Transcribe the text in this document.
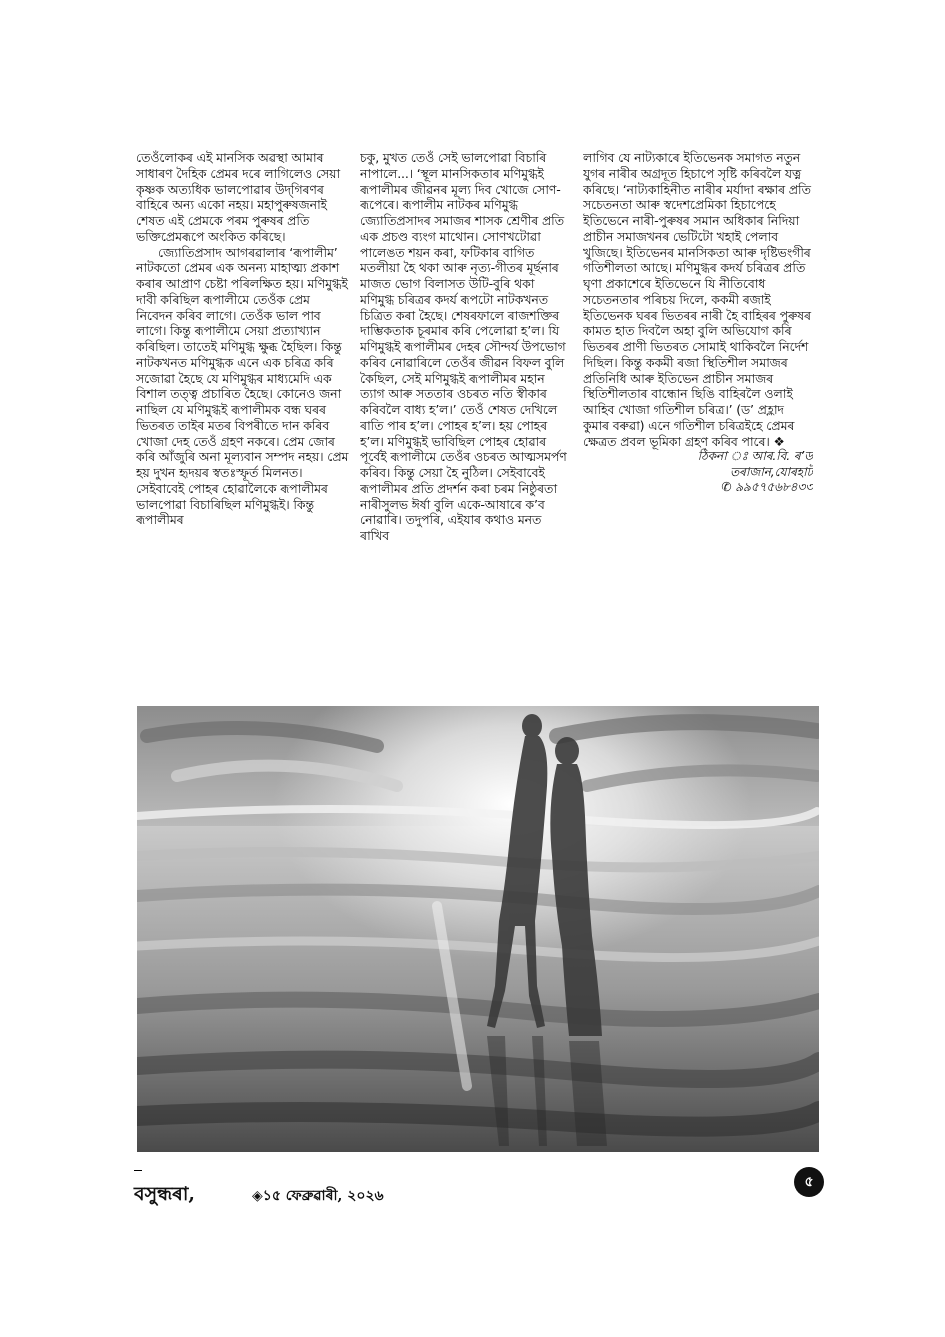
তেওঁলোকৰ এই মানসিক অৱস্থা আমাৰ সাধাৰণ দৈহিক প্ৰেমৰ দৰে লাগিলেও সেয়া কৃষ্ণক অত্যধিক ভালপোৱাৰ উদ্‌গিৰণৰ বাহিৰে অন্য একো নহয়। মহাপুৰুষজনাই শেষত এই প্ৰেমকে পৰম পুৰুষৰ প্ৰতি ভক্তিপ্ৰেমৰূপে অংকিত কৰিছে।

জ্যোতিপ্ৰসাদ আগৰৱালাৰ ‘ৰূপালীম’ নাটকতো প্ৰেমৰ এক অনন্য মাহাত্ম্য প্ৰকাশ কৰাৰ আপ্ৰাণ চেষ্টা পৰিলক্ষিত হয়। মণিমুগ্ধই দাবী কৰিছিল ৰূপালীমে তেওঁক প্ৰেম নিবেদন কৰিব লাগে। তেওঁক ভাল পাব লাগে। কিন্তু ৰূপালীমে সেয়া প্ৰত্যাখ্যান কৰিছিল। তাতেই মণিমুগ্ধ ক্ষুব্ধ হৈছিল। কিন্তু নাটকখনত মণিমুগ্ধক এনে এক চৰিত্ৰ কৰি সজোৱা হৈছে যে মণিমুগ্ধৰ মাধ্যমেদি এক বিশাল তত্ত্ব প্ৰচাৰিত হৈছে। কোনেও জনা নাছিল যে মণিমুগ্ধই ৰূপালীমক বন্ধ ঘৰৰ ভিতৰত তাইৰ মতৰ বিপৰীতে দান কৰিব খোজা দেহ তেওঁ গ্ৰহণ নকৰে। প্ৰেম জোৰ কৰি আঁজুৰি অনা মূল্যবান সম্পদ নহয়। প্ৰেম হয় দুখন হৃদয়ৰ স্বতঃস্ফূৰ্ত মিলনত। সেইবাবেই পোহৰ হোৱালৈকে ৰূপালীমৰ ভালপোৱা বিচাৰিছিল মণিমুগ্ধই। কিন্তু ৰূপালীমৰ

চকু, মুখত তেওঁ সেই ভালপোৱা বিচাৰি নাপালে...। ‘স্থূল মানসিকতাৰ মণিমুগ্ধই ৰূপালীমৰ জীৱনৰ মূল্য দিব খোজে সোণ-ৰূপেৰে। ৰূপালীম নাটকৰ মণিমুগ্ধ জ্যোতিপ্ৰসাদৰ সমাজৰ শাসক শ্ৰেণীৰ প্ৰতি এক প্ৰচণ্ড ব্যংগ মাথোন। সোণখটোৱা পালেঙত শয়ন কৰা, ফটিকাৰ বাগিত মতলীয়া হৈ থকা আৰু নৃত্য-গীতৰ মূৰ্ছনাৰ মাজত ভোগ বিলাসত উটি-বুৰি থকা মণিমুগ্ধ চৰিত্ৰৰ কদৰ্য ৰূপটো নাটকখনত চিত্ৰিত কৰা হৈছে। শেষৰফালে ৰাজশক্তিৰ দাম্ভিকতাক চূৰমাৰ কৰি পেলোৱা হ’ল। যি মণিমুগ্ধই ৰূপালীমৰ দেহৰ সৌন্দৰ্য উপভোগ কৰিব নোৱাৰিলে তেওঁৰ জীৱন বিফল বুলি কৈছিল, সেই মণিমুগ্ধই ৰূপালীমৰ মহান ত্যাগ আৰু সততাৰ ওচৰত নতি স্বীকাৰ কৰিবলৈ বাধ্য হ’ল।’ তেওঁ শেষত দেখিলে ৰাতি পাৰ হ’ল। পোহৰ হ’ল। হয় পোহৰ হ’ল। মণিমুগ্ধই ভাবিছিল পোহৰ হোৱাৰ পূৰ্বেই ৰূপালীমে তেওঁৰ ওচৰত আত্মসমৰ্পণ কৰিব। কিন্তু সেয়া হৈ নুঠিল। সেইবাবেই ৰূপালীমৰ প্ৰতি প্ৰদৰ্শন কৰা চৰম নিষ্ঠুৰতা নাৰীসুলভ ঈৰ্ষা বুলি একে-আষাৰে ক’ব নোৱাৰি। তদুপৰি, এইযাৰ কথাও মনত ৰাখিব

লাগিব যে নাট্যকাৰে ইতিভেনক সমাগত নতুন যুগৰ নাৰীৰ অগ্ৰদূত হিচাপে সৃষ্টি কৰিবলৈ যত্ন কৰিছে। ‘নাট্যকাহিনীত নাৰীৰ মৰ্যাদা ৰক্ষাৰ প্ৰতি সচেতনতা আৰু স্বদেশপ্ৰেমিকা হিচাপেহে ইতিভেনে নাৰী-পুৰুষৰ সমান অধিকাৰ নিদিয়া প্ৰাচীন সমাজখনৰ ভেটিটো খহাই পেলাব খুজিছে। ইতিভেনৰ মানসিকতা আৰু দৃষ্টিভংগীৰ গতিশীলতা আছে। মণিমুগ্ধৰ কদৰ্য চৰিত্ৰৰ প্ৰতি ঘৃণা প্ৰকাশেৰে ইতিভেনে যি নীতিবোধ সচেতনতাৰ পৰিচয় দিলে, ককমী ৰজাই ইতিভেনক ঘৰৰ ভিতৰৰ নাৰী হৈ বাহিৰৰ পুৰুষৰ কামত হাত দিবলৈ অহা বুলি অভিযোগ কৰি ভিতৰৰ প্ৰাণী ভিতৰত সোমাই থাকিবলৈ নিৰ্দেশ দিছিল। কিন্তু ককমী ৰজা স্থিতিশীল সমাজৰ প্ৰতিনিধি আৰু ইতিভেন প্ৰাচীন সমাজৰ স্থিতিশীলতাৰ বান্ধোন ছিঙি বাহিৰলৈ ওলাই আহিব খোজা গতিশীল চৰিত্ৰ।’ (ড’ প্ৰহ্লাদ কুমাৰ বৰুৱা) এনে গতিশীল চৰিত্ৰইহে প্ৰেমৰ ক্ষেত্ৰত প্ৰবল ভূমিকা গ্ৰহণ কৰিব পাৰে। ❖

ঠিকনা ঃ আৰ.বি. ৰ’ড
তৰাজান,যোৰহাট
✆ ৯৯৫৭৫৬৮৪৩৩
বসুন্ধৰা,	◈১৫ ফেব্ৰুৱাৰী, ২০২৬
৫
